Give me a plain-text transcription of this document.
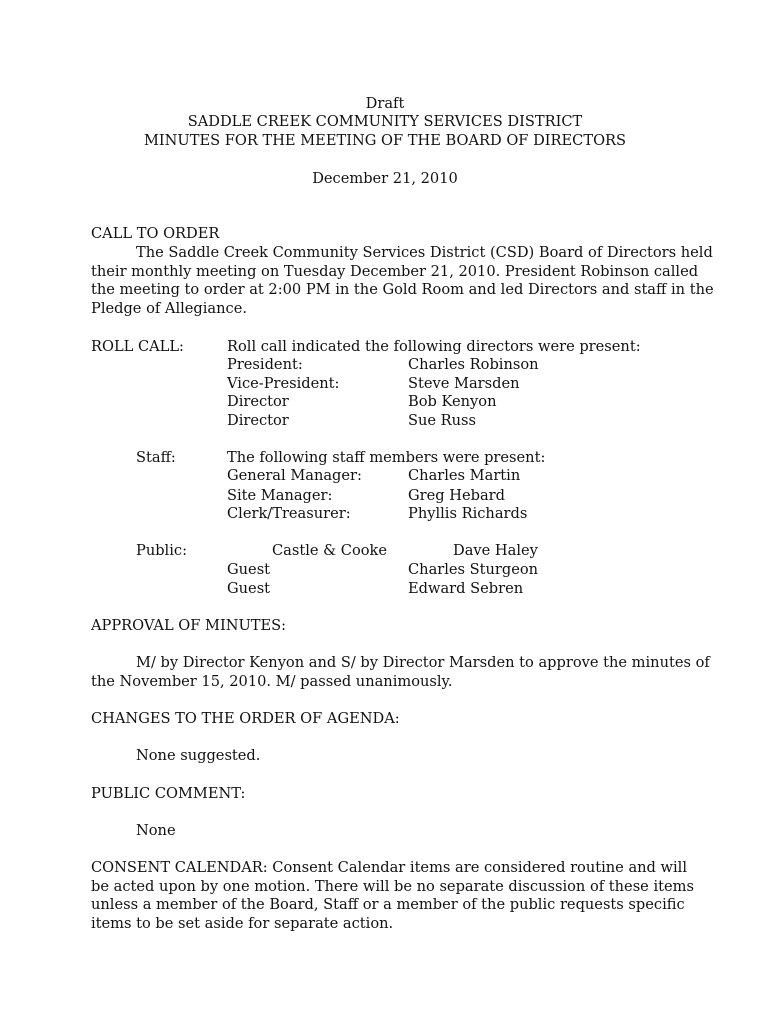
Draft
SADDLE CREEK COMMUNITY SERVICES DISTRICT
MINUTES FOR THE MEETING OF THE BOARD OF DIRECTORS
December 21, 2010
CALL TO ORDER
The Saddle Creek Community Services District (CSD) Board of Directors held
their monthly meeting on Tuesday December 21, 2010. President Robinson called
the meeting to order at 2:00 PM in the Gold Room and led Directors and staff in the
Pledge of Allegiance.
ROLL CALL:	Roll call indicated the following directors were present:
President:	Charles Robinson
Vice-President:	Steve Marsden
Director	Bob Kenyon
Director	Sue Russ
Staff:	The following staff members were present:
General Manager:	Charles Martin
Site Manager:	Greg Hebard
Clerk/Treasurer:	Phyllis Richards
Public:	Castle & Cooke	Dave Haley
Guest	Charles Sturgeon
Guest	Edward Sebren
APPROVAL OF MINUTES:
M/ by Director Kenyon and S/ by Director Marsden to approve the minutes of
the November 15, 2010. M/ passed unanimously.
CHANGES TO THE ORDER OF AGENDA:
None suggested.
PUBLIC COMMENT:
None
CONSENT CALENDAR: Consent Calendar items are considered routine and will
be acted upon by one motion. There will be no separate discussion of these items
unless a member of the Board, Staff or a member of the public requests specific
items to be set aside for separate action.
